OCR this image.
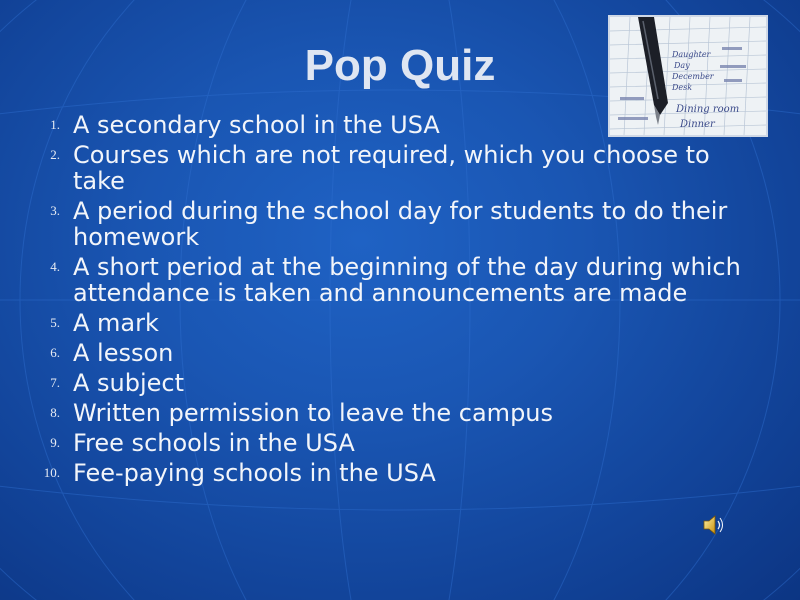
Pop Quiz	Daughter
Day
December
Desk
Dining room
Dinner
1. A secondary school in the USA
2. Courses which are not required, which you choose to take
3. A period during the school day for students to do their homework
4. A short period at the beginning of the day during which attendance is taken and announcements are made
5. A mark
6. A lesson
7. A subject
8. Written permission to leave the campus
9. Free schools in the USA
10. Fee-paying schools in the USA
